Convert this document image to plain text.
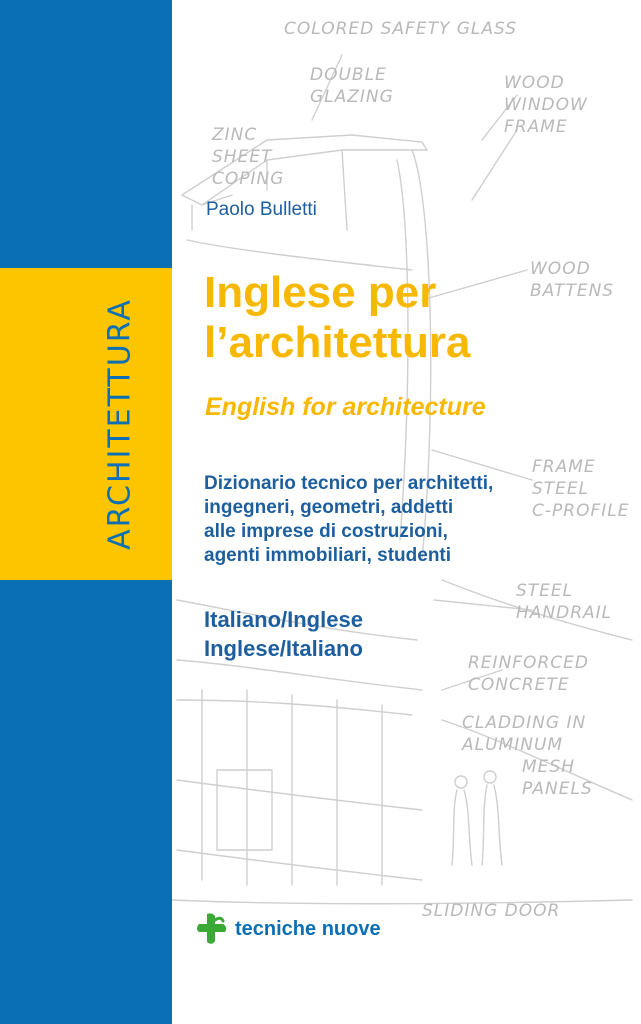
ARCHITETTURA
COLORED SAFETY GLASS
DOUBLE
GLAZING
WOOD
WINDOW
FRAME
ZINC
SHEET
COPING
WOOD
BATTENS
FRAME
STEEL
C-PROFILE
STEEL
HANDRAIL
REINFORCED
CONCRETE
CLADDING IN
ALUMINUM
MESH
PANELS
SLIDING DOOR
Paolo Bulletti
Inglese per
l’architettura
English for architecture
Dizionario tecnico per architetti,
ingegneri, geometri, addetti
alle imprese di costruzioni,
agenti immobiliari, studenti
Italiano/Inglese
Inglese/Italiano
tecniche nuove
